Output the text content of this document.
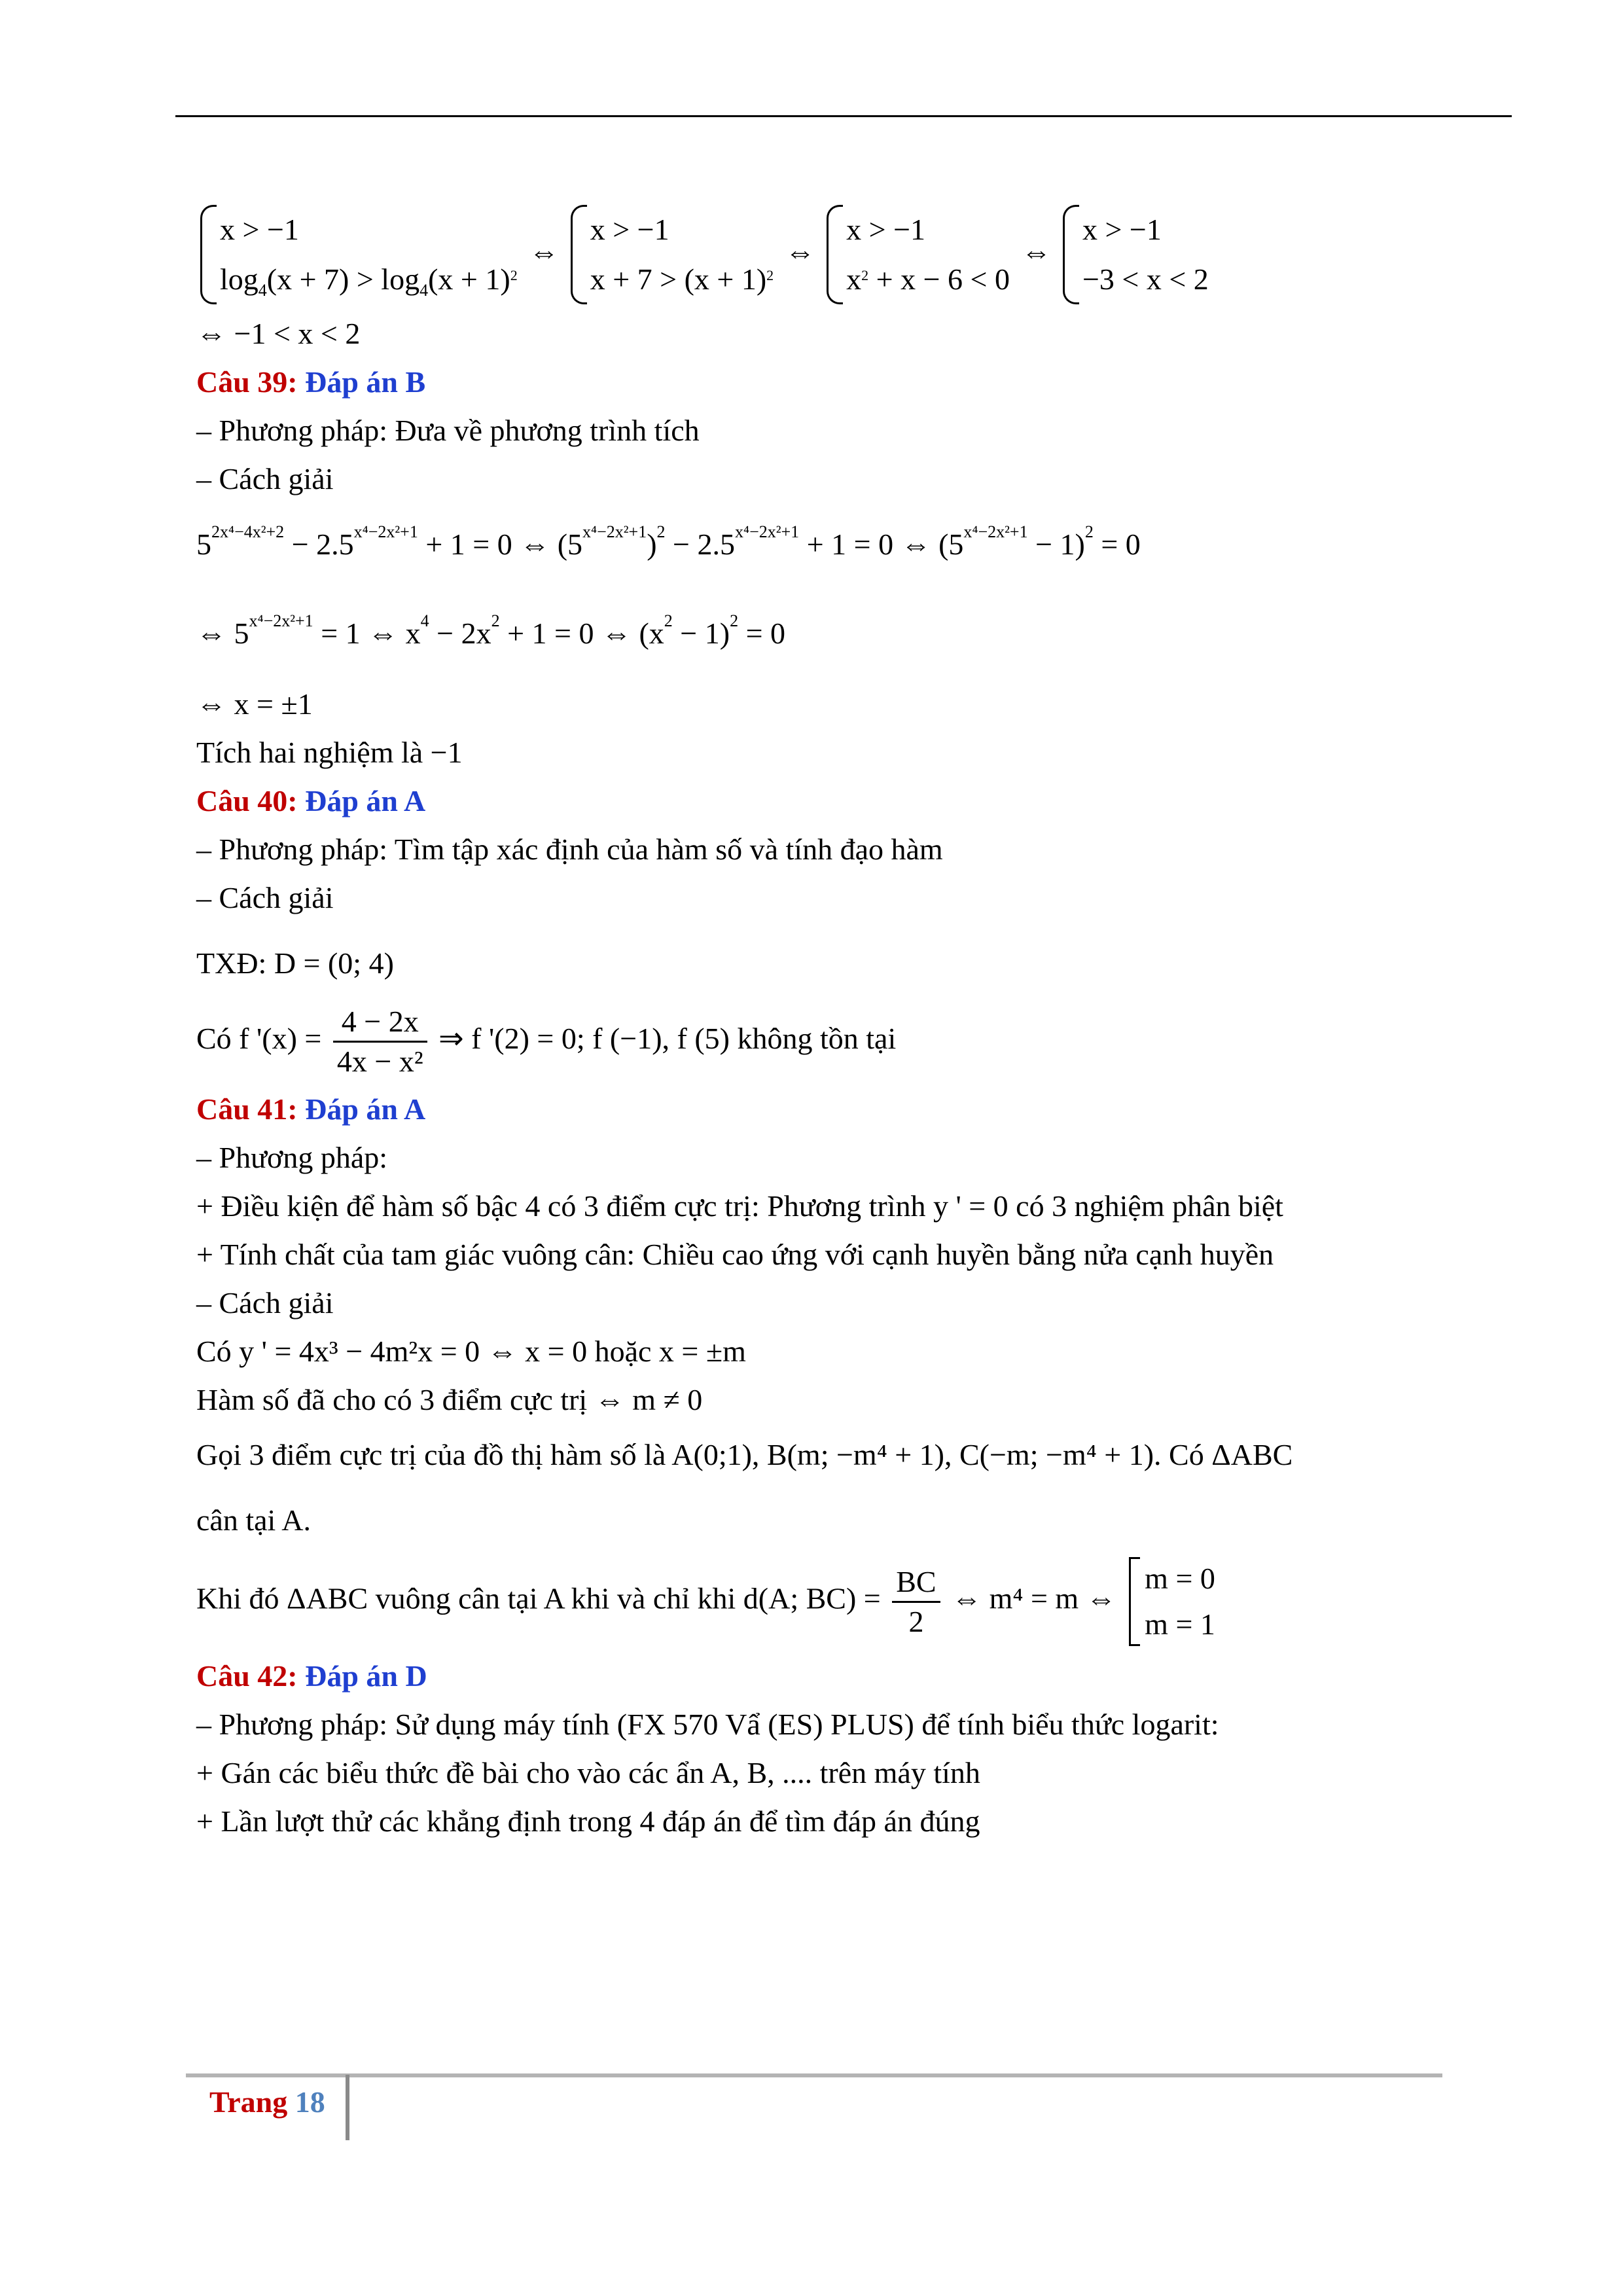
x > −1
$\log_4(x + 7) > \log_4(x + 1)^2$
⇔
x > −1
$x + 7 > (x + 1)^2$
⇔
x > −1
$x^2 + x - 6 < 0$
⇔
x > −1
−3 < x < 2
⇔ −1 < x < 2
Câu 39: Đáp án B
– Phương pháp: Đưa về phương trình tích
– Cách giải
$5^{2x^4-4x^2+2} - 2.5^{x^4-2x^2+1} + 1 = 0$ ⇔ $(5^{x^4-2x^2+1})^2 - 2.5^{x^4-2x^2+1} + 1 = 0$ ⇔ $(5^{x^4-2x^2+1} - 1)^2 = 0$
⇔ $5^{x^4-2x^2+1} = 1$ ⇔ $x^4 - 2x^2 + 1 = 0$ ⇔ $(x^2 - 1)^2 = 0$
⇔ x = ±1
Tích hai nghiệm là −1
Câu 40: Đáp án A
– Phương pháp: Tìm tập xác định của hàm số và tính đạo hàm
– Cách giải
TXĐ: D = (0; 4)
Có f '$(x) = \frac{4 - 2x}{\text{4x − x²}}$ ⇒ f '(2) = 0; f (−1), f (5) không tồn tại
Câu 41: Đáp án A
– Phương pháp:
+ Điều kiện để hàm số bậc 4 có 3 điểm cực trị: Phương trình y ' = 0 có 3 nghiệm phân biệt
+ Tính chất của tam giác vuông cân: Chiều cao ứng với cạnh huyền bằng nửa cạnh huyền
– Cách giải
Có y ' = 4x³ − 4m²x = 0 ⇔ x = 0 hoặc x = ±m
Hàm số đã cho có 3 điểm cực trị ⇔ m ≠ 0
Gọi 3 điểm cực trị của đồ thị hàm số là A(0;1), B(m; −m⁴ + 1), C(−m; −m⁴ + 1). Có ΔABC
cân tại A.
Khi đó ΔABC vuông cân tại A khi và chỉ khi d(A; $BC) = \frac{BC}{2}$ ⇔ m⁴ = m ⇔
m = 0
m = 1
Câu 42: Đáp án D
– Phương pháp: Sử dụng máy tính (FX 570 Vẩ (ES) PLUS) để tính biểu thức logarit:
+ Gán các biểu thức đề bài cho vào các ẩn A, B, .... trên máy tính
+ Lần lượt thử các khẳng định trong 4 đáp án để tìm đáp án đúng
Trang 18
